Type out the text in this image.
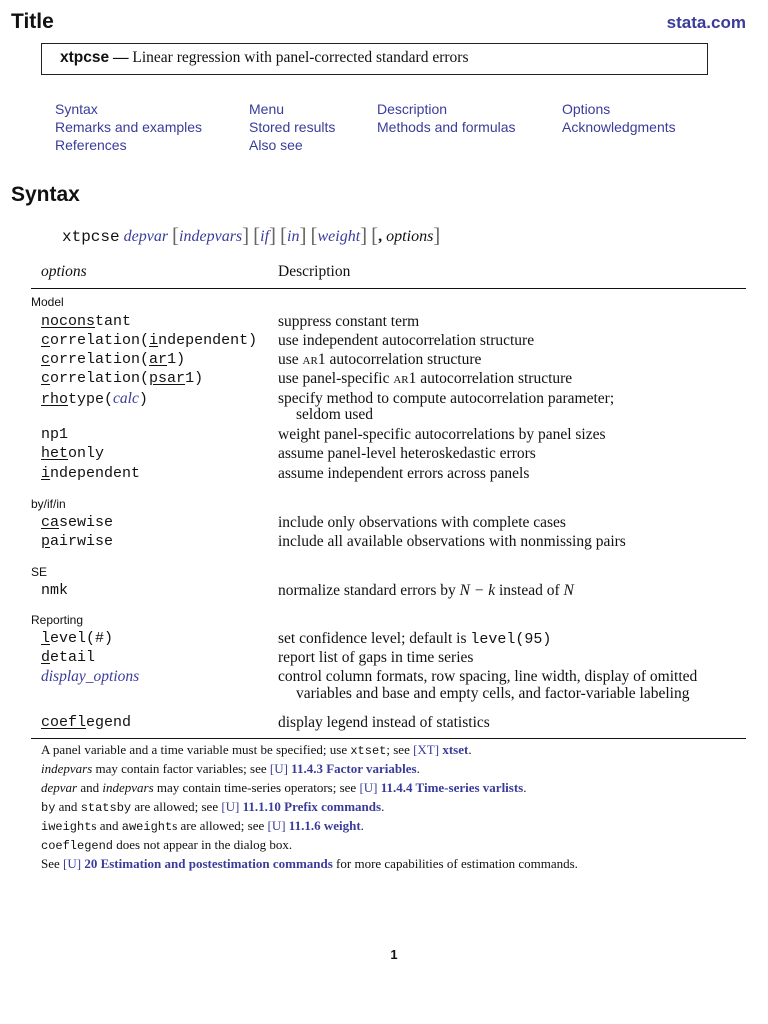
Title	stata.com
xtpcse — Linear regression with panel-corrected standard errors
Syntax
Remarks and examples
References
Menu
Stored results
Also see
Description
Methods and formulas
Options
Acknowledgments
Syntax
xtpcse depvar [indepvars] [if] [in] [weight] [, options]
options	Description
Model
noconstant	suppress constant term
correlation(independent) use independent autocorrelation structure
correlation(ar1)	use ar1 autocorrelation structure
correlation(psar1)	use panel-specific ar1 autocorrelation structure
rhotype(calc)	specify method to compute autocorrelation parameter;
seldom used
np1	weight panel-specific autocorrelations by panel sizes
hetonly	assume panel-level heteroskedastic errors
independent	assume independent errors across panels
by/if/in
casewise	include only observations with complete cases
pairwise	include all available observations with nonmissing pairs
SE
nmk	normalize standard errors by N − k instead of N
Reporting
level(#)	set confidence level; default is level(95)
detail	report list of gaps in time series
display_options	control column formats, row spacing, line width, display of omitted
variables and base and empty cells, and factor-variable labeling
coeflegend	display legend instead of statistics
A panel variable and a time variable must be specified; use xtset; see [XT] xtset.
indepvars may contain factor variables; see [U] 11.4.3 Factor variables.
depvar and indepvars may contain time-series operators; see [U] 11.4.4 Time-series varlists.
by and statsby are allowed; see [U] 11.1.10 Prefix commands.
iweights and aweights are allowed; see [U] 11.1.6 weight.
coeflegend does not appear in the dialog box.
See [U] 20 Estimation and postestimation commands for more capabilities of estimation commands.
1
